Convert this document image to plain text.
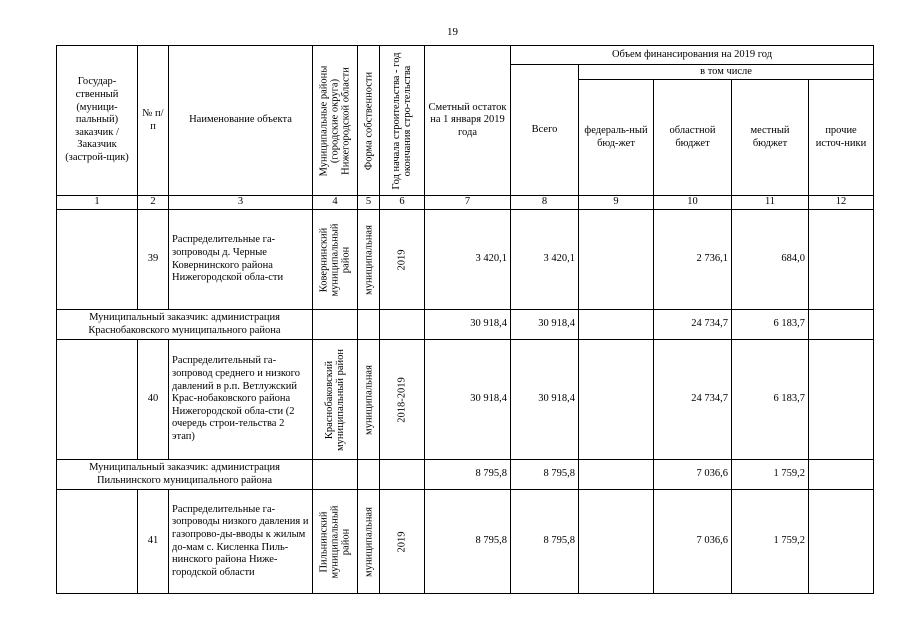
19
Государ-ственный (муници-пальный) заказчик / Заказчик (застрой-щик)	№ п/п	Наименование объекта	Муниципальные районы (городские округа) Нижегородской области	Форма собственности	Год начала строительства - год окончания стро-тельства	Сметный остаток на 1 января 2019 года	Объем финансирования на 2019 год				
							Всего	в том числе			
								федераль-ный бюд-жет	областной бюджет	местный бюджет	прочие источ-ники
1	2	3	4	5	6	7	8	9	10	11	12
	39	Распределительные га-зопроводы д. Черные Ковернинского района Нижегородской обла-сти	Ковернинский муниципальный район	муниципальная	2019	3 420,1	3 420,1		2 736,1	684,0	
Муниципальный заказчик: администрация Краснобаковского муниципального района						30 918,4	30 918,4		24 734,7	6 183,7	
	40	Распределительный га-зопровод среднего и низкого давлений в р.п. Ветлужский Крас-нобаковского района Нижегородской обла-сти (2 очередь строи-тельства 2 этап)	Краснобаковский муниципальный район	муниципальная	2018-2019	30 918,4	30 918,4		24 734,7	6 183,7	
Муниципальный заказчик: администрация Пильнинского муниципального района						8 795,8	8 795,8		7 036,6	1 759,2	
	41	Распределительные га-зопроводы низкого давления и газопрово-ды-вводы к жилым до-мам с. Кисленка Пиль-нинского района Ниже-городской области	Пильнинский муниципальный район	муниципальная	2019	8 795,8	8 795,8		7 036,6	1 759,2	
